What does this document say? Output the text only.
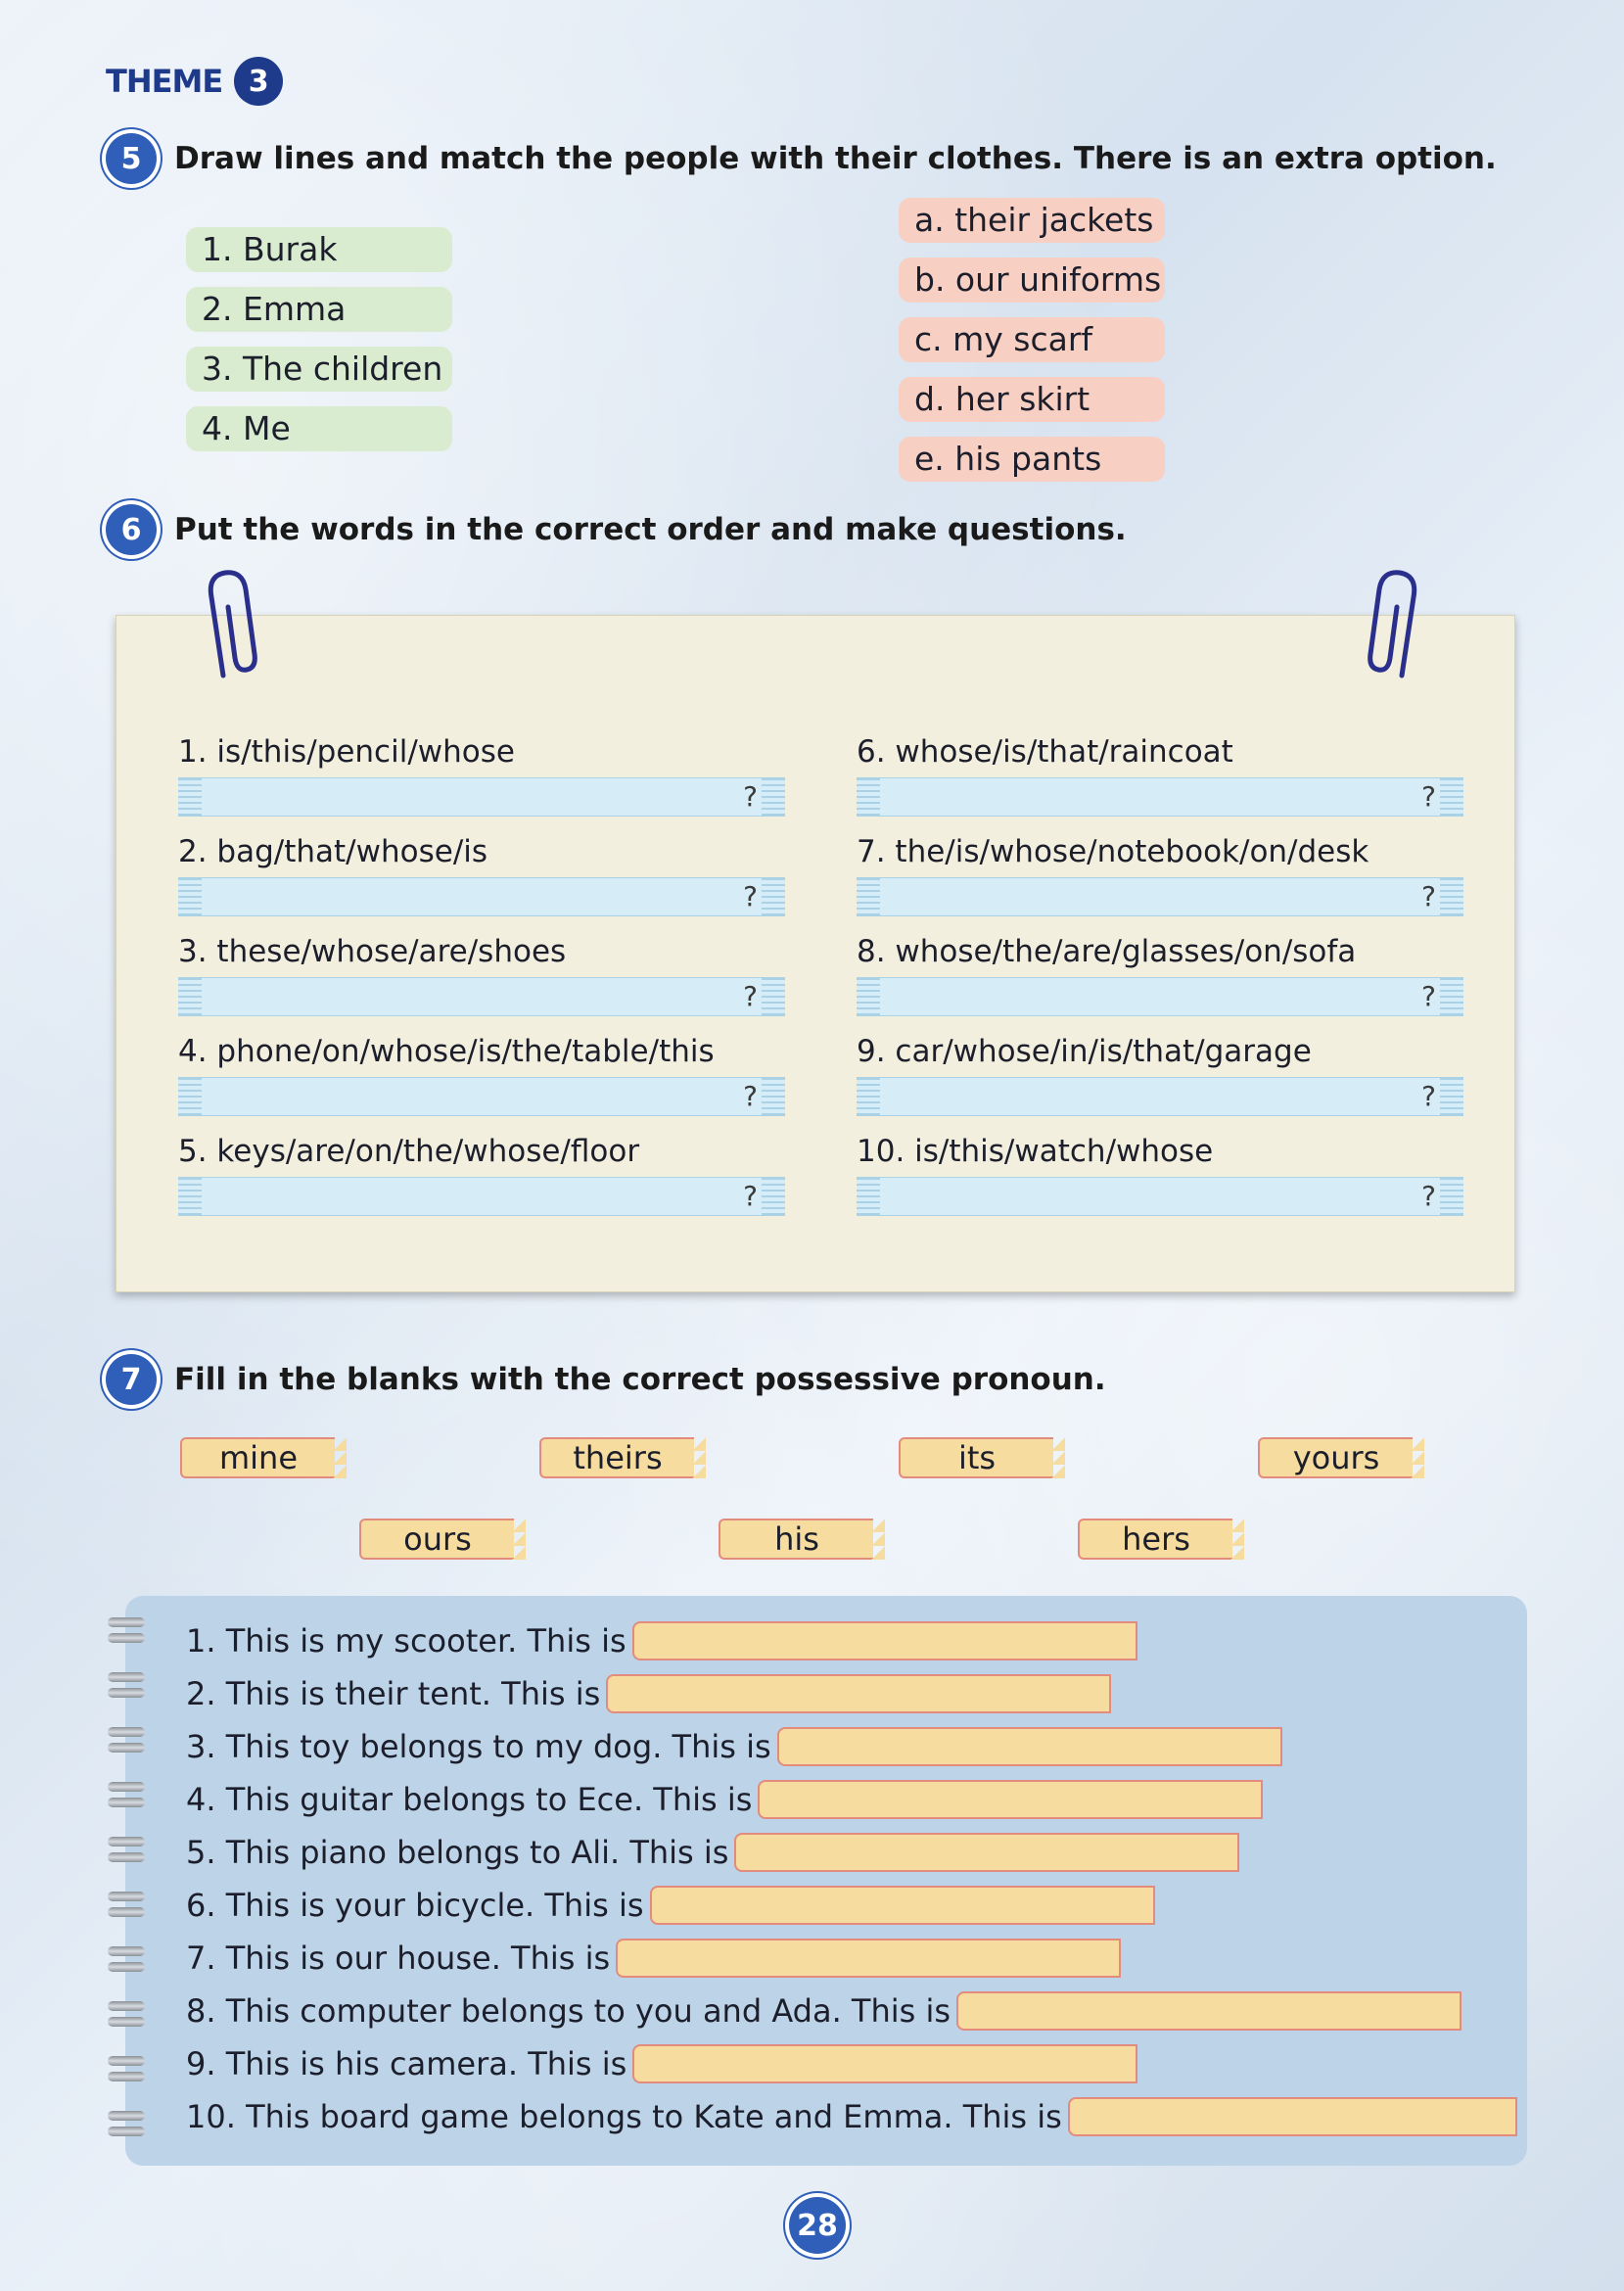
THEME 3
5	Draw lines and match the people with their clothes. There is an extra option.
1. Burak
2. Emma
3. The children
4. Me
a. their jackets
b. our uniforms
c. my scarf
d. her skirt
e. his pants
6	Put the words in the correct order and make questions.
1. is/this/pencil/whose
?
2. bag/that/whose/is
?
3. these/whose/are/shoes
?
4. phone/on/whose/is/the/table/this
?
5. keys/are/on/the/whose/floor
?
6. whose/is/that/raincoat
?
7. the/is/whose/notebook/on/desk
?
8. whose/the/are/glasses/on/sofa
?
9. car/whose/in/is/that/garage
?
10. is/this/watch/whose
?
7	Fill in the blanks with the correct possessive pronoun.
mine	theirs	its	yours
ours	his	hers
1. This is my scooter. This is
2. This is their tent. This is
3. This toy belongs to my dog. This is
4. This guitar belongs to Ece. This is
5. This piano belongs to Ali. This is
6. This is your bicycle. This is
7. This is our house. This is
8. This computer belongs to you and Ada. This is
9. This is his camera. This is
10. This board game belongs to Kate and Emma. This is
28
